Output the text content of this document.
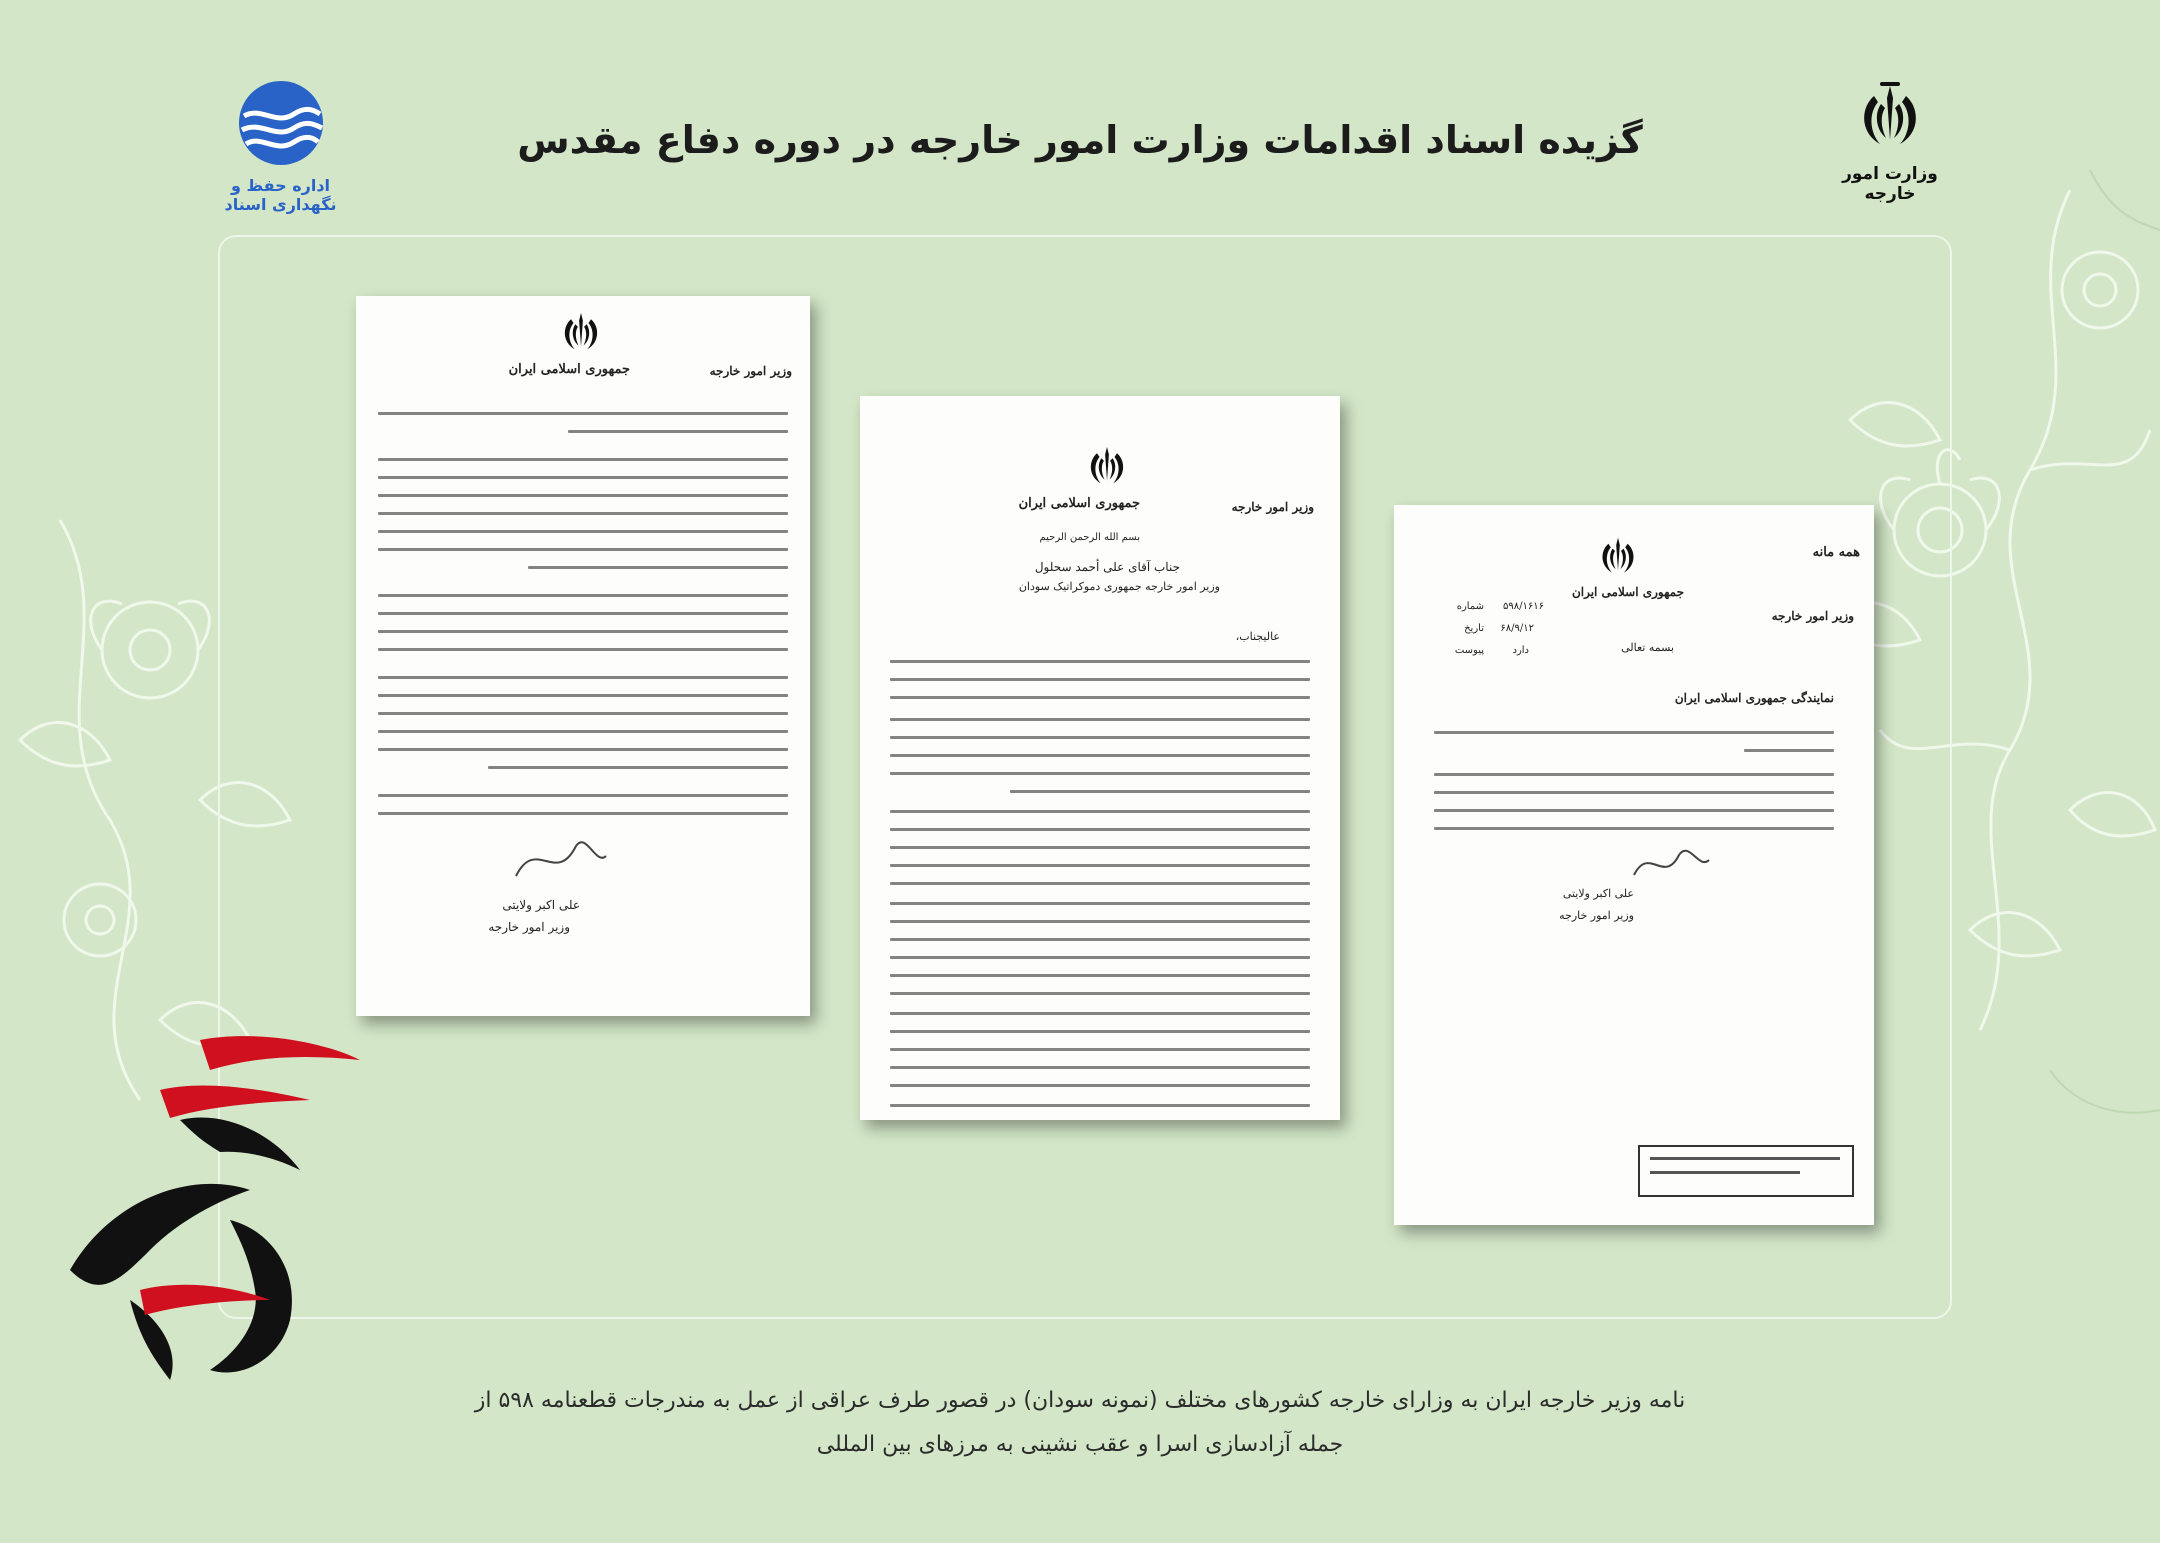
اداره حفظ و نگهداری اسناد
وزارت امور خارجه
گزیده اسناد اقدامات وزارت امور خارجه در دوره دفاع مقدس
جمهوری اسلامی ایران	وزیر امور خارجه
علی اکبر ولایتی
وزیر امور خارجه
جمهوری اسلامی ایران	وزیر امور خارجه
بسم الله الرحمن الرحیم
جناب آقای علی أحمد سحلول
وزیر امور خارجه جمهوری دموکراتیک سودان
عالیجناب،
همه مانه
جمهوری اسلامی ایران
وزیر امور خارجه
شماره ۵۹۸/۱۶۱۶
تاریخ ۶۸/۹/۱۲
پیوست	دارد	بسمه تعالی
نمایندگی جمهوری اسلامی ایران
علی اکبر ولایتی
وزیر امور خارجه
نامه وزیر خارجه ایران به وزارای خارجه کشورهای مختلف (نمونه سودان) در قصور طرف عراقی از عمل به مندرجات قطعنامه ۵۹۸ از
جمله آزادسازی اسرا و عقب نشینی به مرزهای بین المللی
